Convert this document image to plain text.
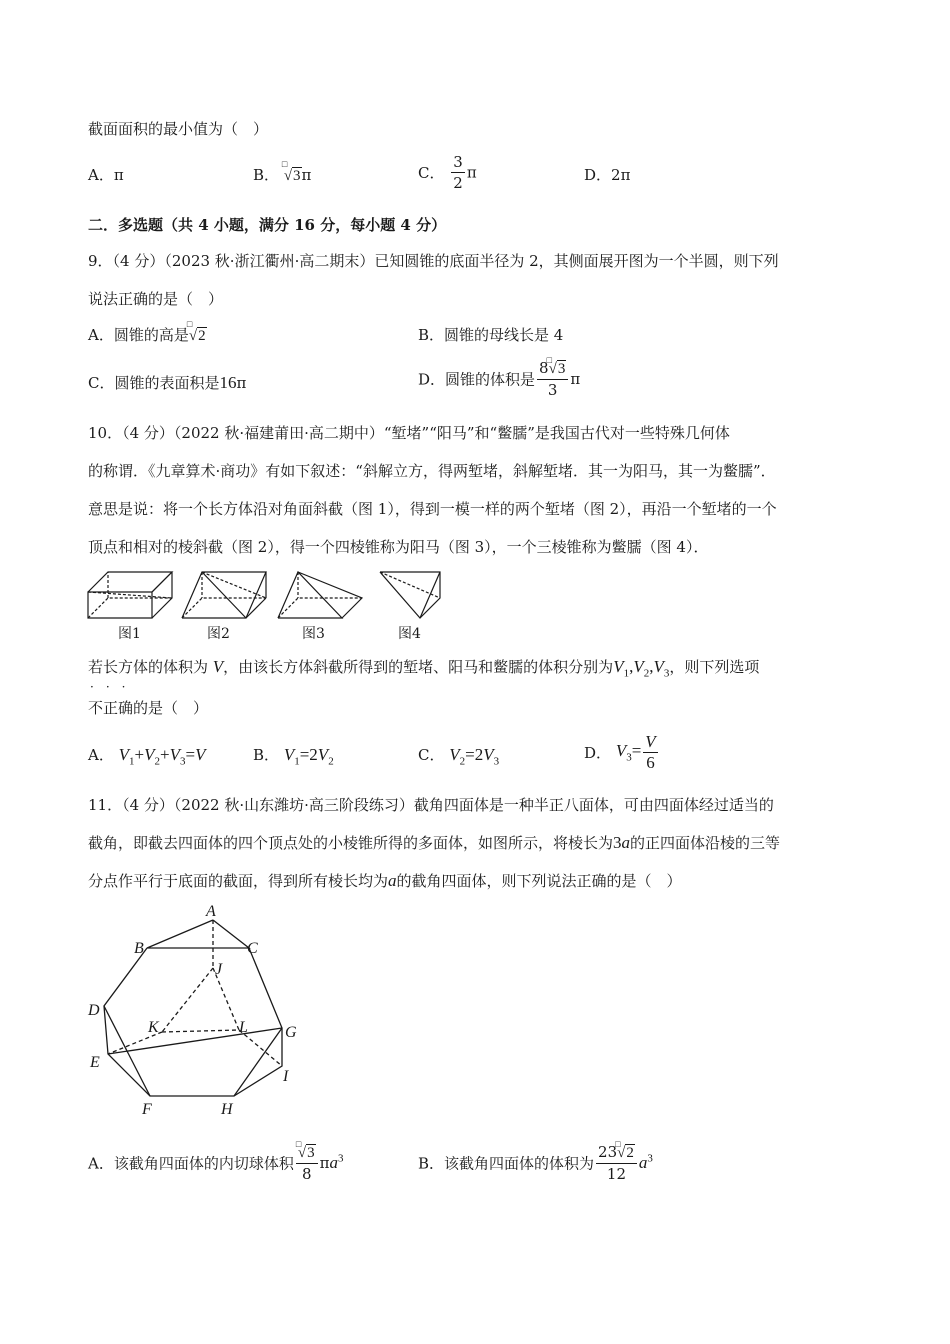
截面面积的最小值为（　）
A．π	B．
□
√3π	C． $\frac{3}{2}$ π	D．2π
二．多选题（共 4 小题，满分 16 分，每小题 4 分）
9．（4 分）（2023 秋·浙江衢州·高二期末）已知圆锥的底面半径为 2，其侧面展开图为一个半圆，则下列
说法正确的是（　）
A．圆锥的高是
□
√2	B．圆锥的母线长是 4
C．圆锥的表面积是16π	D．圆锥的体积是 8
□
√3
3 π
10．（4 分）（2022 秋·福建莆田·高二期中）“堑堵”“阳马”和“鳖臑”是我国古代对一些特殊几何体
的称谓．《九章算术·商功》有如下叙述：“斜解立方，得两堑堵，斜解堑堵．其一为阳马，其一为鳖臑”．
意思是说：将一个长方体沿对角面斜截（图 1），得到一模一样的两个堑堵（图 2），再沿一个堑堵的一个
顶点和相对的棱斜截（图 2），得一个四棱锥称为阳马（图 3），一个三棱锥称为鳖臑（图 4）．
图1	图2	图3	图4
若长方体的体积为 V，由该长方体斜截所得到的堑堵、阳马和鳖臑的体积分别为$V_1,V_2,V_3$，则下列选项
···
不正确的是（　）
A． $V_1+V_2+V_3=V$	B． $V_1=2V_2$	C． $V_2=2V_3$	D． $V_3= \frac{V}{6}$
11．（4 分）（2022 秋·山东潍坊·高三阶段练习）截角四面体是一种半正八面体，可由四面体经过适当的
截角，即截去四面体的四个顶点处的小棱锥所得的多面体，如图所示，将棱长为3a的正四面体沿棱的三等
分点作平行于底面的截面，得到所有棱长均为a的截角四面体，则下列说法正确的是（　）
A
B	C
J
D
K	L G
E
I
F	H
A．该截角四面体的内切球体积 □
√3
8 $\pi a^3$	B．该截角四面体的体积为 23
□
√2
12 $a^3$
